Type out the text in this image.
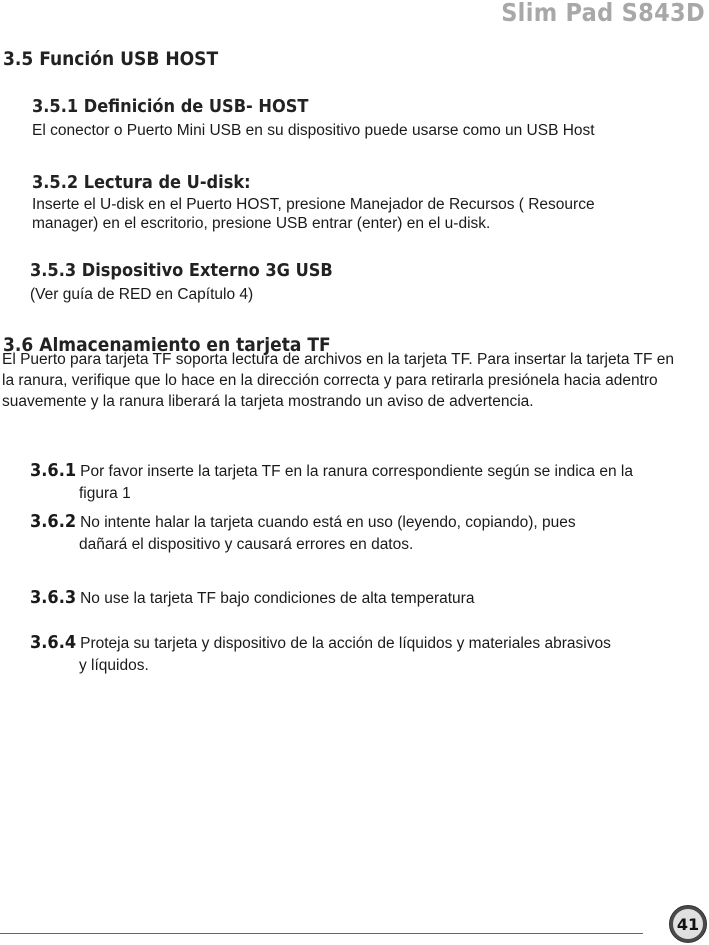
Slim Pad S843D
3.5 Función USB HOST
3.5.1 Definición de USB- HOST
El conector o Puerto Mini USB en su dispositivo puede usarse como un USB Host
3.5.2 Lectura de U-disk:
Inserte el U-disk en el Puerto HOST, presione Manejador de Recursos ( Resource
manager) en el escritorio, presione USB entrar (enter) en el u-disk.
3.5.3 Dispositivo Externo 3G USB
(Ver guía de RED en Capítulo 4)
3.6 Almacenamiento en tarjeta TF
El Puerto para tarjeta TF soporta lectura de archivos en la tarjeta TF. Para insertar la tarjeta TF en
la ranura, verifique que lo hace en la dirección correcta y para retirarla presiónela hacia adentro
suavemente y la ranura liberará la tarjeta mostrando un aviso de advertencia.
3.6.1 Por favor inserte la tarjeta TF en la ranura correspondiente según se indica en la
figura 1
3.6.2 No intente halar la tarjeta cuando está en uso (leyendo, copiando), pues
dañará el dispositivo y causará errores en datos.
3.6.3 No use la tarjeta TF bajo condiciones de alta temperatura
3.6.4 Proteja su tarjeta y dispositivo de la acción de líquidos y materiales abrasivos
y líquidos.
41
